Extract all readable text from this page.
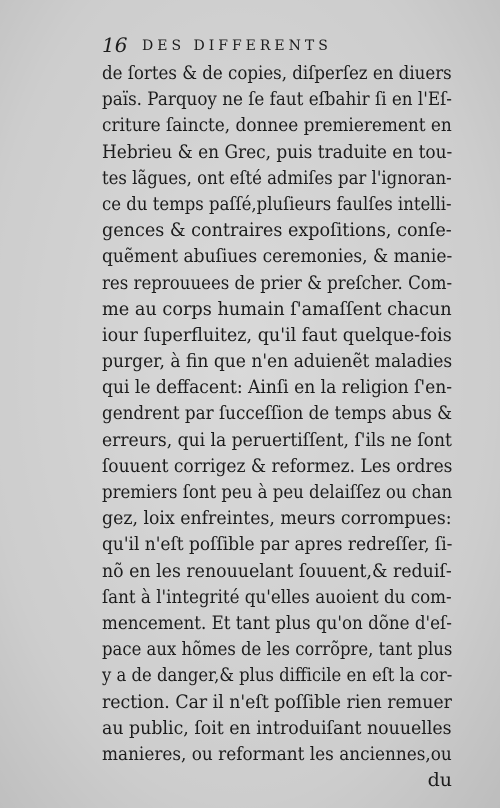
16 DES DIFFERENTS
de ſortes & de copies, diſperſez en diuers
païs. Parquoy ne ſe faut eſbahir ſi en l'Eſ-
criture ſaincte, donnee premierement en
Hebrieu & en Grec, puis traduite en tou-
tes lãgues, ont eſté admiſes par l'ignoran-
ce du temps paſſé,pluſieurs faulſes intelli-
gences & contraires expoſitions, conſe-
quẽment abuſiues ceremonies, & manie-
res reprouuees de prier & preſcher. Com-
me au corps humain ſ'amaſſent chacun
iour ſuperfluitez, qu'il faut quelque-fois
purger, à fin que n'en aduienẽt maladies
qui le deffacent: Ainſi en la religion ſ'en-
gendrent par ſucceſſion de temps abus &
erreurs, qui la peruertiſſent, ſ'ils ne ſont
ſouuent corrigez & reformez. Les ordres
premiers ſont peu à peu delaiſſez ou chan
gez, loix enfreintes, meurs corrompues:
qu'il n'eſt poſſible par apres redreſſer, ſi-
nõ en les renouuelant ſouuent,& reduiſ-
ſant à l'integrité qu'elles auoient du com-
mencement. Et tant plus qu'on dõne d'eſ-
pace aux hõmes de les corrõpre, tant plus
y a de danger,& plus difficile en eſt la cor-
rection. Car il n'eſt poſſible rien remuer
au public, ſoit en introduiſant nouuelles
manieres, ou reformant les anciennes,ou
du
